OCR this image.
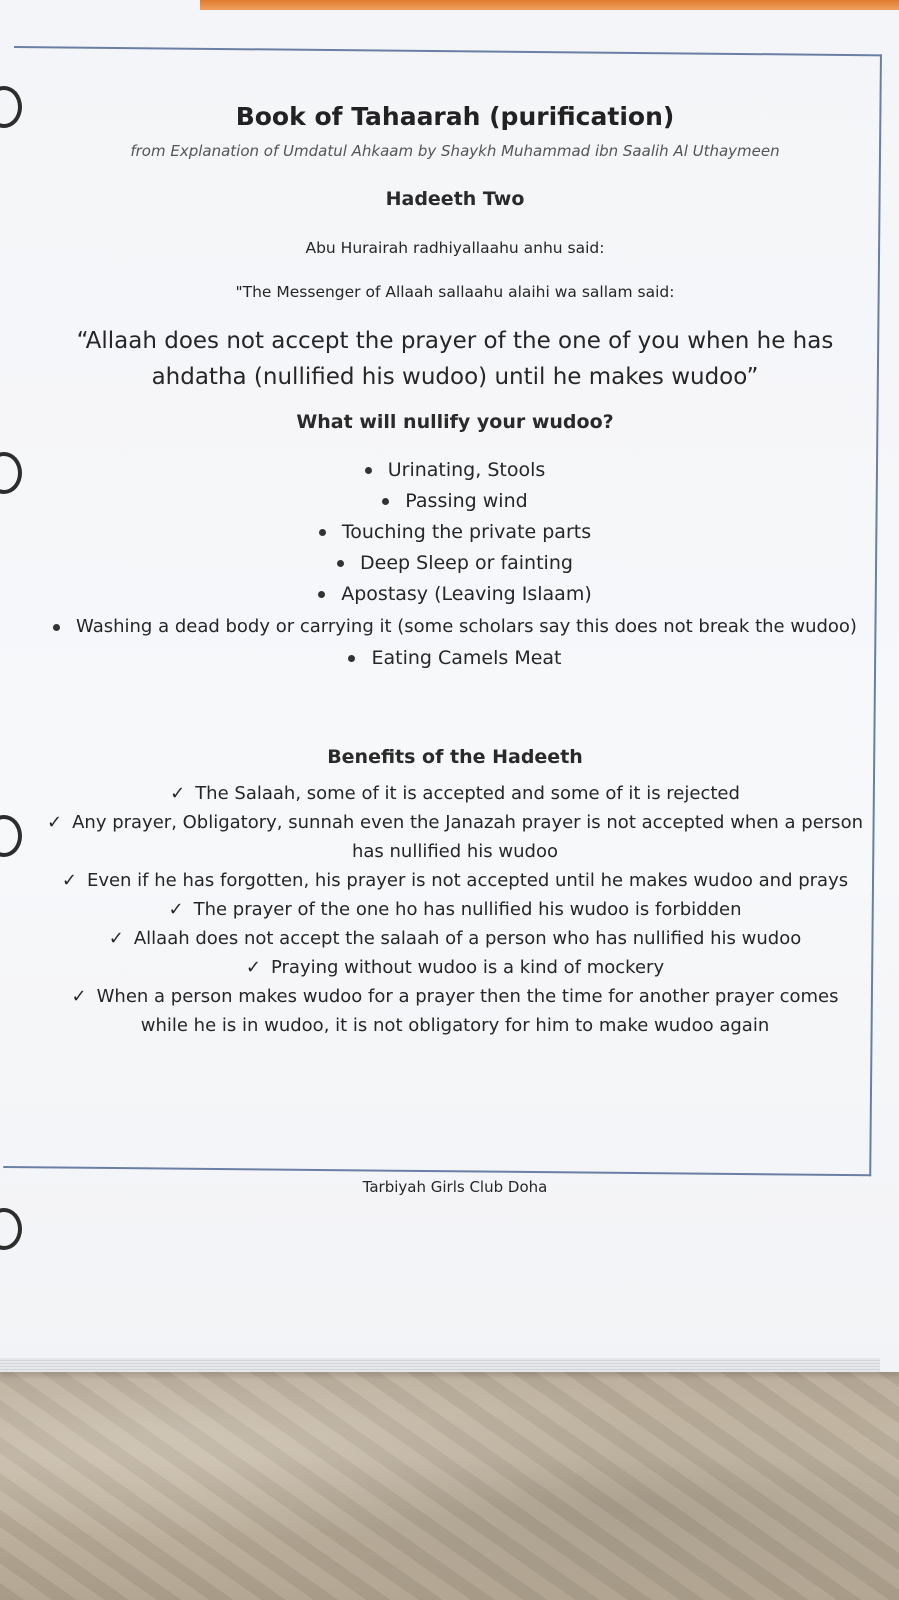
Book of Tahaarah (purification)
from Explanation of Umdatul Ahkaam by Shaykh Muhammad ibn Saalih Al Uthaymeen
Hadeeth Two
Abu Hurairah radhiyallaahu anhu said:
"The Messenger of Allaah sallaahu alaihi wa sallam said:
“Allaah does not accept the prayer of the one of you when he has ahdatha (nullified his wudoo) until he makes wudoo”
What will nullify your wudoo?
Urinating, Stools
Passing wind
Touching the private parts
Deep Sleep or fainting
Apostasy (Leaving Islaam)
Washing a dead body or carrying it (some scholars say this does not break the wudoo)
Eating Camels Meat
Benefits of the Hadeeth
✓ The Salaah, some of it is accepted and some of it is rejected
✓ Any prayer, Obligatory, sunnah even the Janazah prayer is not accepted when a person has nullified his wudoo
✓ Even if he has forgotten, his prayer is not accepted until he makes wudoo and prays
✓ The prayer of the one ho has nullified his wudoo is forbidden
✓ Allaah does not accept the salaah of a person who has nullified his wudoo
✓ Praying without wudoo is a kind of mockery
✓ When a person makes wudoo for a prayer then the time for another prayer comes while he is in wudoo, it is not obligatory for him to make wudoo again
Tarbiyah Girls Club Doha
